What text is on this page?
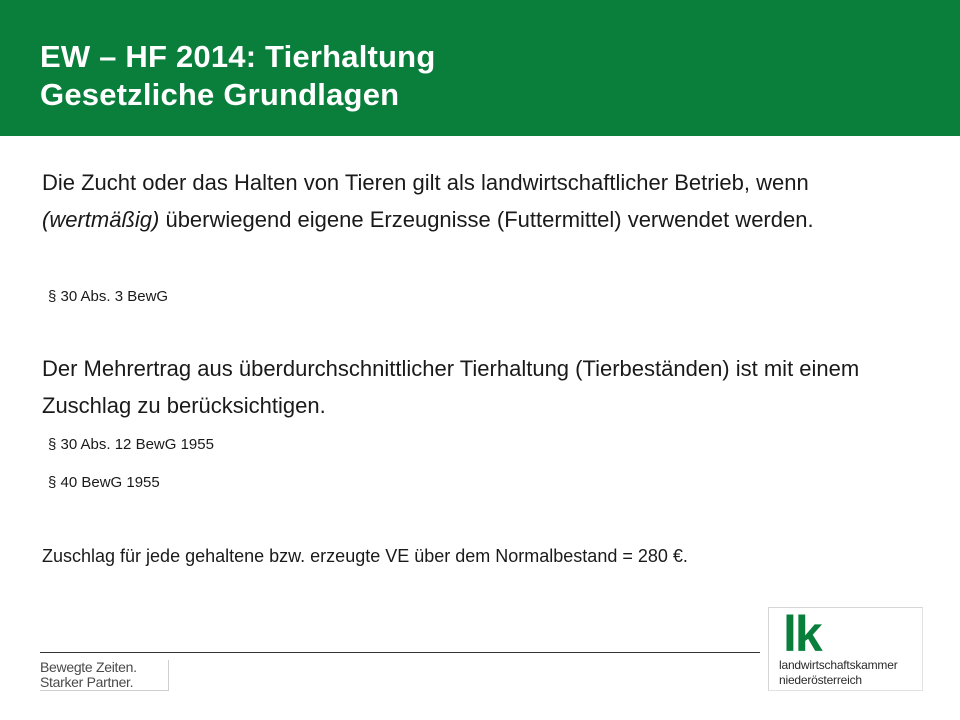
EW – HF 2014: Tierhaltung
Gesetzliche Grundlagen
Die Zucht oder das Halten von Tieren gilt als landwirtschaftlicher Betrieb, wenn (wertmäßig) überwiegend eigene Erzeugnisse (Futtermittel) verwendet werden.
§ 30 Abs. 3 BewG
Der Mehrertrag aus überdurchschnittlicher Tierhaltung (Tierbeständen) ist mit einem Zuschlag zu berücksichtigen.
§ 30 Abs. 12 BewG 1955
§ 40 BewG 1955
Zuschlag für jede gehaltene bzw. erzeugte VE über dem Normalbestand = 280 €.
Bewegte Zeiten.
Starker Partner.
lk
landwirtschaftskammer
niederösterreich
